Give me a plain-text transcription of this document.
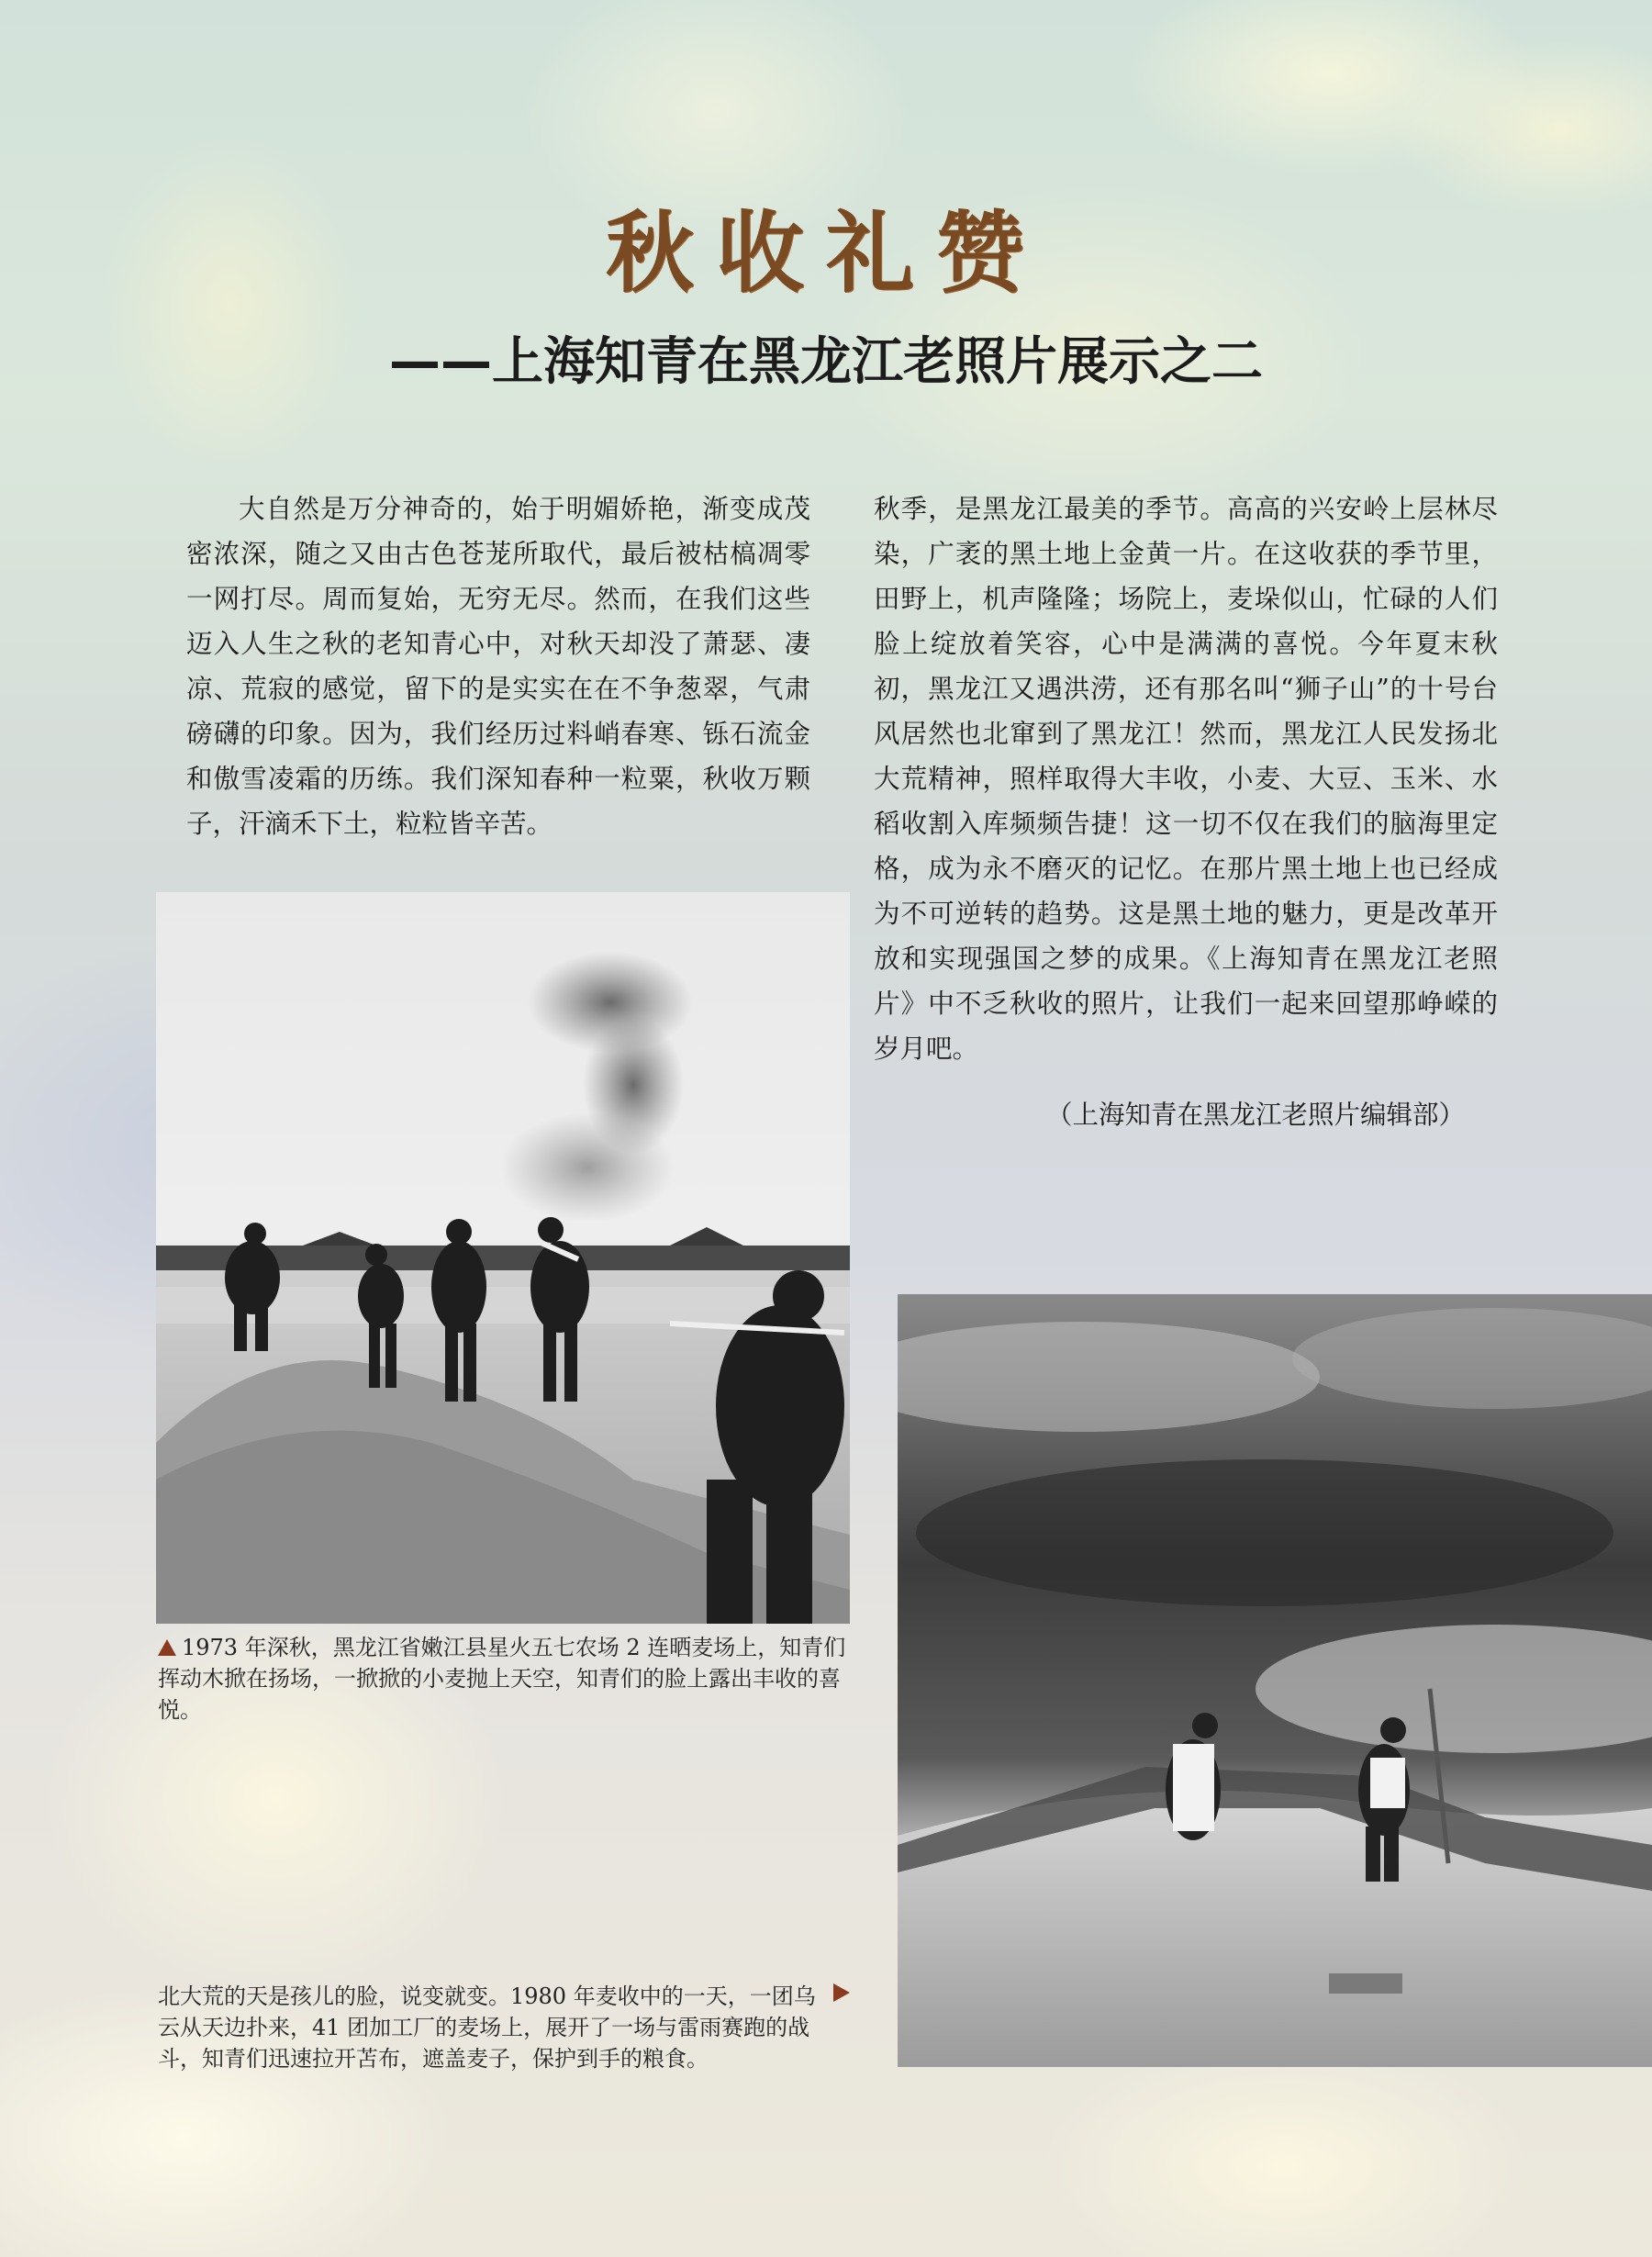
秋收礼赞
——上海知青在黑龙江老照片展示之二
大自然是万分神奇的，始于明媚娇艳，渐变成茂密浓深，随之又由古色苍茏所取代，最后被枯槁凋零一网打尽。周而复始，无穷无尽。然而，在我们这些迈入人生之秋的老知青心中，对秋天却没了萧瑟、凄凉、荒寂的感觉，留下的是实实在在不争葱翠，气肃磅礴的印象。因为，我们经历过料峭春寒、铄石流金和傲雪凌霜的历练。我们深知春种一粒粟，秋收万颗子，汗滴禾下土，粒粒皆辛苦。
秋季，是黑龙江最美的季节。高高的兴安岭上层林尽染，广袤的黑土地上金黄一片。在这收获的季节里，田野上，机声隆隆；场院上，麦垛似山，忙碌的人们脸上绽放着笑容，心中是满满的喜悦。今年夏末秋初，黑龙江又遇洪涝，还有那名叫“狮子山”的十号台风居然也北窜到了黑龙江！然而，黑龙江人民发扬北大荒精神，照样取得大丰收，小麦、大豆、玉米、水稻收割入库频频告捷！这一切不仅在我们的脑海里定格，成为永不磨灭的记忆。在那片黑土地上也已经成为不可逆转的趋势。这是黑土地的魅力，更是改革开放和实现强国之梦的成果。《上海知青在黑龙江老照片》中不乏秋收的照片，让我们一起来回望那峥嵘的岁月吧。
（上海知青在黑龙江老照片编辑部）
1973 年深秋，黑龙江省嫩江县星火五七农场 2 连晒麦场上，知青们挥动木掀在扬场，一掀掀的小麦抛上天空，知青们的脸上露出丰收的喜悦。
北大荒的天是孩儿的脸，说变就变。1980 年麦收中的一天，一团乌云从天边扑来，41 团加工厂的麦场上，展开了一场与雷雨赛跑的战斗，知青们迅速拉开苫布，遮盖麦子，保护到手的粮食。
